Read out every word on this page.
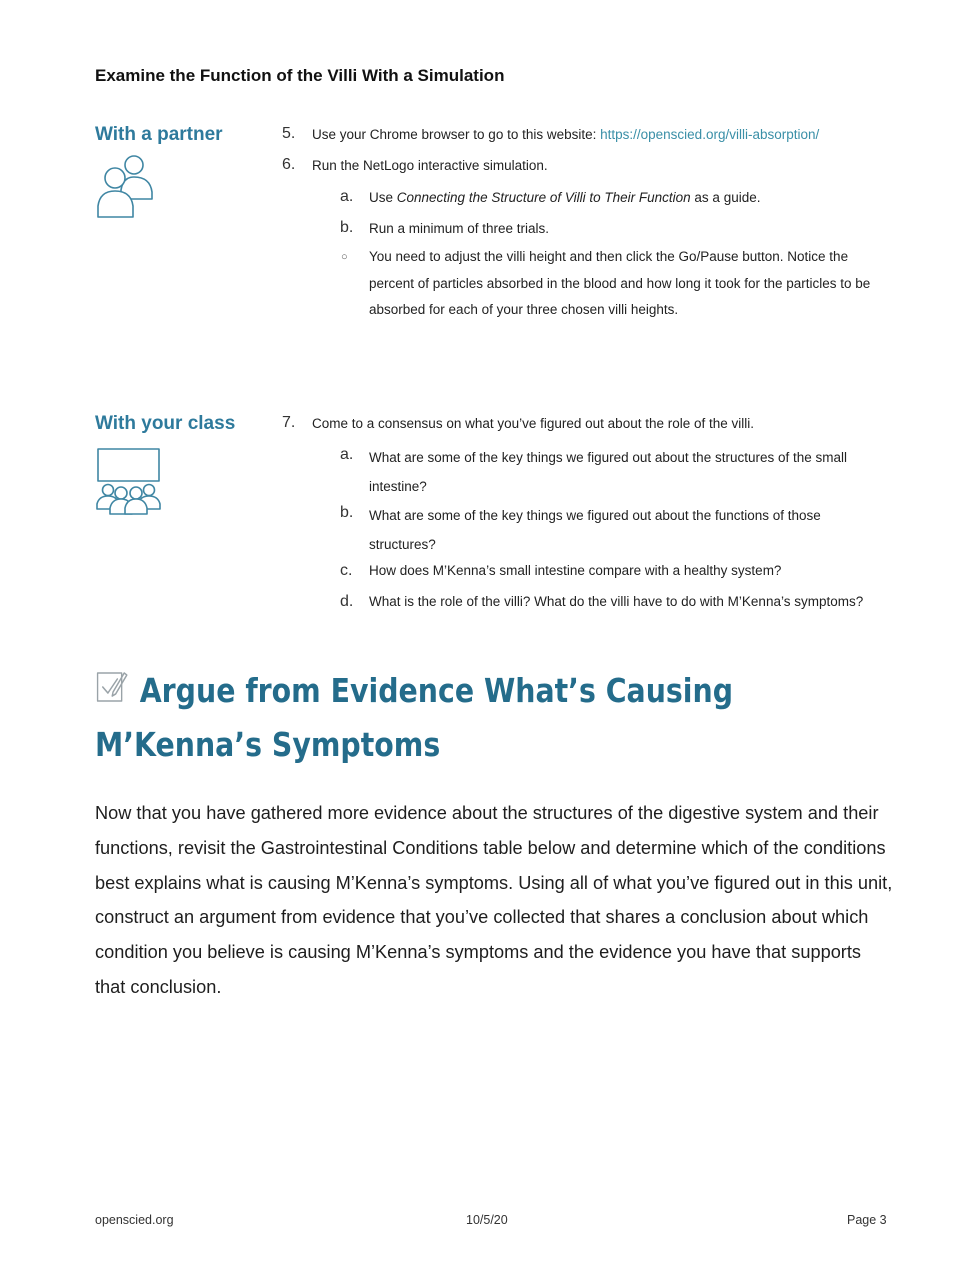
Examine the Function of the Villi With a Simulation
With a partner	5. Use your Chrome browser to go to this website: https://openscied.org/villi-absorption/
6. Run the NetLogo interactive simulation.
a. Use Connecting the Structure of Villi to Their Function as a guide.
b. Run a minimum of three trials.
○ You need to adjust the villi height and then click the Go/Pause button. Notice the percent of particles absorbed in the blood and how long it took for the particles to be absorbed for each of your three chosen villi heights.
With your class	7. Come to a consensus on what you’ve figured out about the role of the villi.
a. What are some of the key things we figured out about the structures of the small intestine?
b. What are some of the key things we figured out about the functions of those structures?
c. How does M’Kenna’s small intestine compare with a healthy system?
d. What is the role of the villi? What do the villi have to do with M’Kenna’s symptoms?
Argue from Evidence What’s Causing M’Kenna’s Symptoms
Now that you have gathered more evidence about the structures of the digestive system and their functions, revisit the Gastrointestinal Conditions table below and determine which of the conditions best explains what is causing M’Kenna’s symptoms. Using all of what you’ve figured out in this unit, construct an argument from evidence that you’ve collected that shares a conclusion about which condition you believe is causing M’Kenna’s symptoms and the evidence you have that supports that conclusion.
openscied.org	10/5/20	Page 3
